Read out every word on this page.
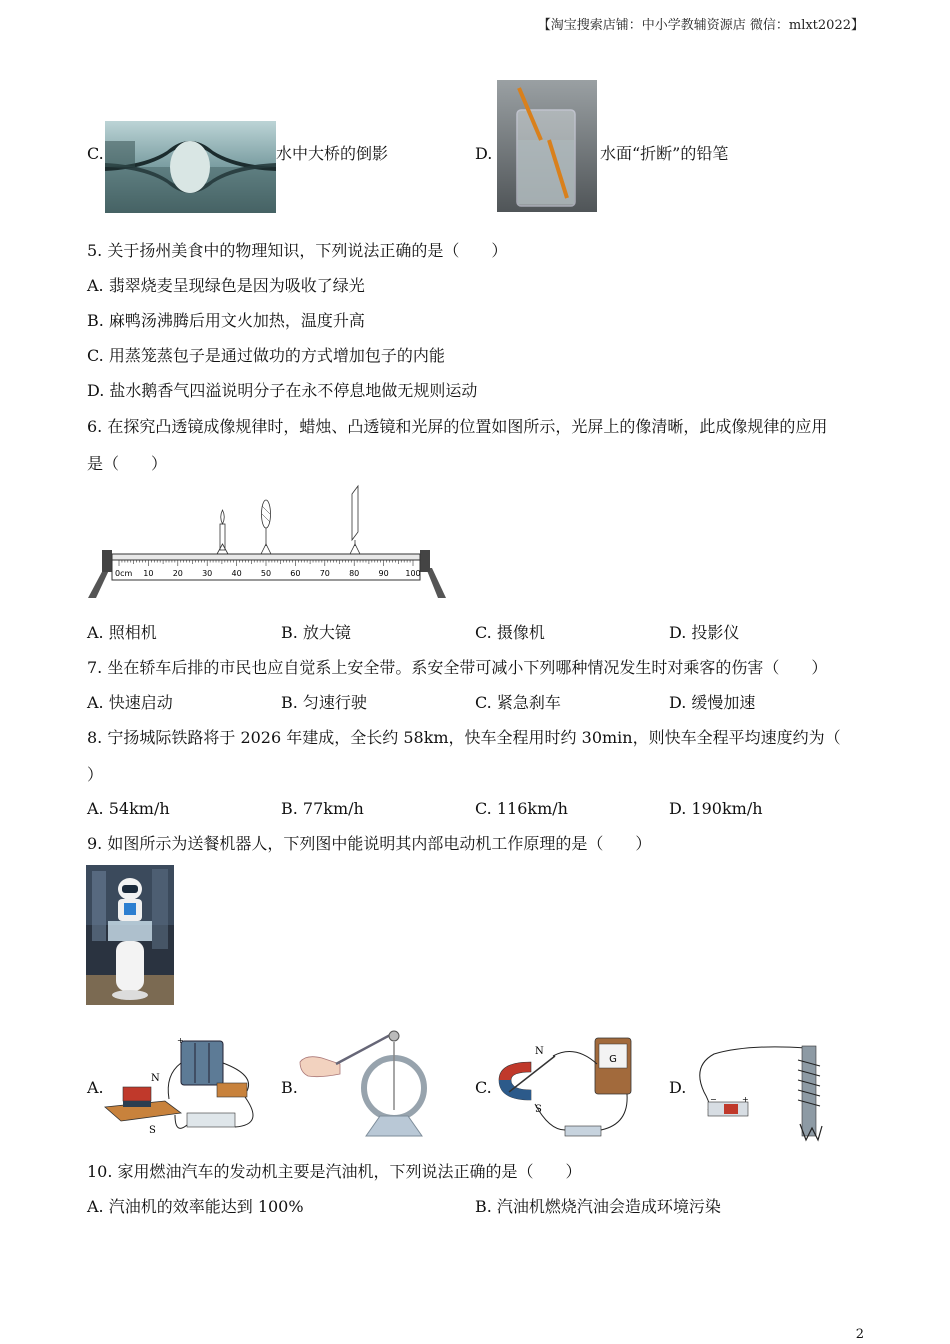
【淘宝搜索店铺：中小学教辅资源店 微信：mlxt2022】
C.	水中大桥的倒影	D.	水面“折断”的铅笔
5. 关于扬州美食中的物理知识，下列说法正确的是（　　）
A. 翡翠烧麦呈现绿色是因为吸收了绿光
B. 麻鸭汤沸腾后用文火加热，温度升高
C. 用蒸笼蒸包子是通过做功的方式增加包子的内能
D. 盐水鹅香气四溢说明分子在永不停息地做无规则运动
6. 在探究凸透镜成像规律时，蜡烛、凸透镜和光屏的位置如图所示，光屏上的像清晰，此成像规律的应用
是（　　）
0cm 10 20 30 40 50 60 70 80 90 100
A. 照相机	B. 放大镜	C. 摄像机	D. 投影仪
7. 坐在轿车后排的市民也应自觉系上安全带。系安全带可减小下列哪种情况发生时对乘客的伤害（　　）
A. 快速启动	B. 匀速行驶	C. 紧急刹车	D. 缓慢加速
8. 宁扬城际铁路将于 2026 年建成，全长约 58km，快车全程用时约 30min，则快车全程平均速度约为（
）
A. 54km/h	B. 77km/h	C. 116km/h	D. 190km/h
9. 如图所示为送餐机器人，下列图中能说明其内部电动机工作原理的是（　　）
A.
+
N
S
B.	C.
N
S
G
D.
−	+
10. 家用燃油汽车的发动机主要是汽油机，下列说法正确的是（　　）
A. 汽油机的效率能达到 100%	B. 汽油机燃烧汽油会造成环境污染
2
